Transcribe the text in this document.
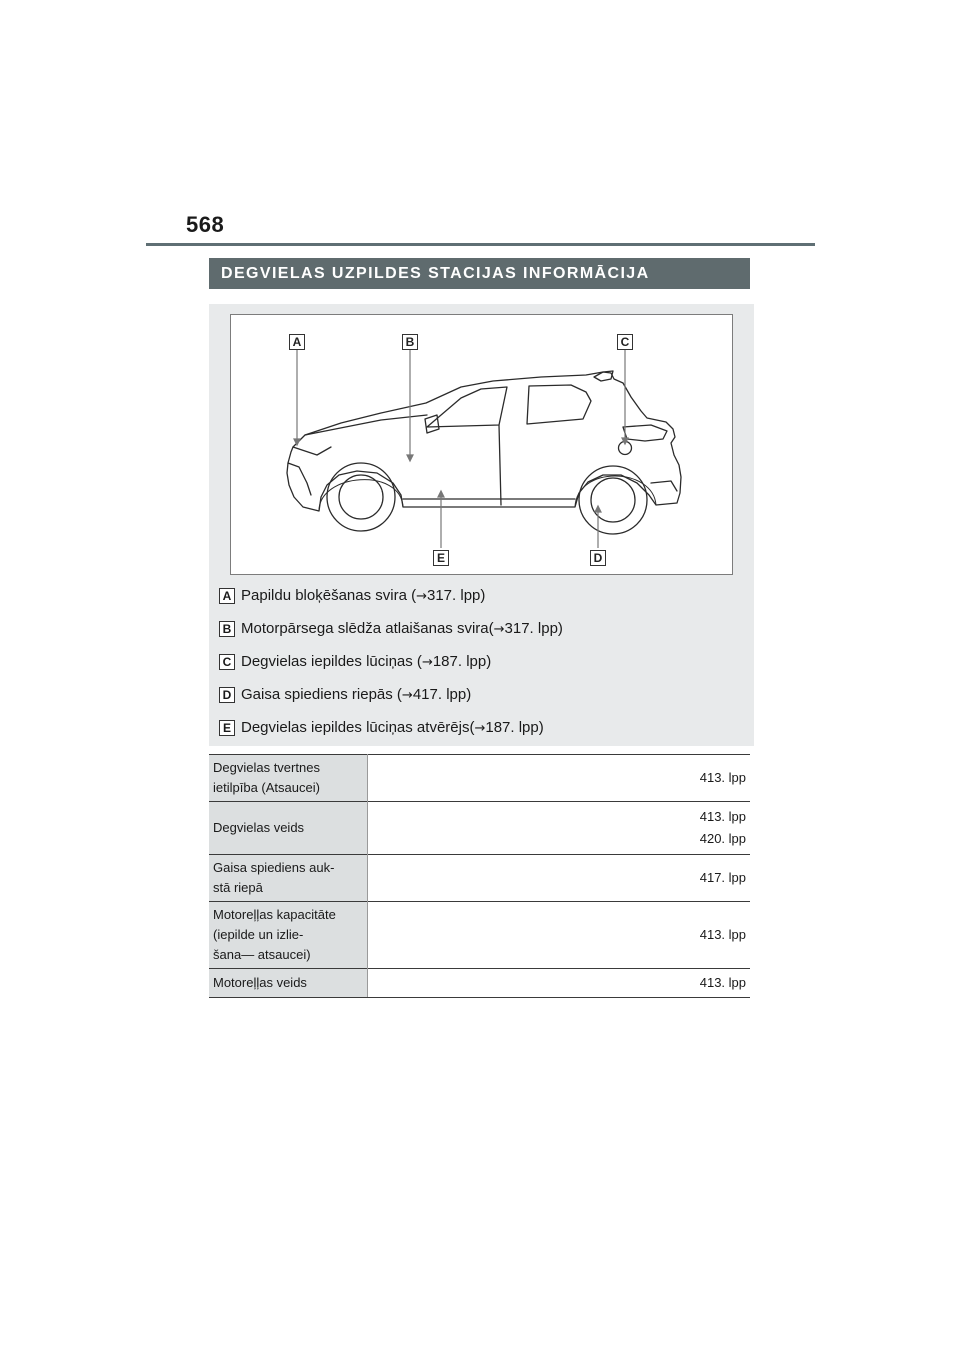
568
DEGVIELAS UZPILDES STACIJAS INFORMĀCIJA
A	B	C
D
E
A Papildu bloķēšanas svira (→317. lpp)
B Motorpārsega slēdža atlaišanas svira(→317. lpp)
C Degvielas iepildes lūciņas (→187. lpp)
D Gaisa spiediens riepās (→417. lpp)
E Degvielas iepildes lūciņas atvērējs(→187. lpp)
Degvielas tvertnes
ietilpība (Atsaucei)	413. lpp

Degvielas veids	413. lpp
420. lpp

Gaisa spiediens auk-
stā riepā	417. lpp

Motoreļļas kapacitāte
(iepilde un izlie-
šana— atsaucei)	413. lpp

Motoreļļas veids	413. lpp
